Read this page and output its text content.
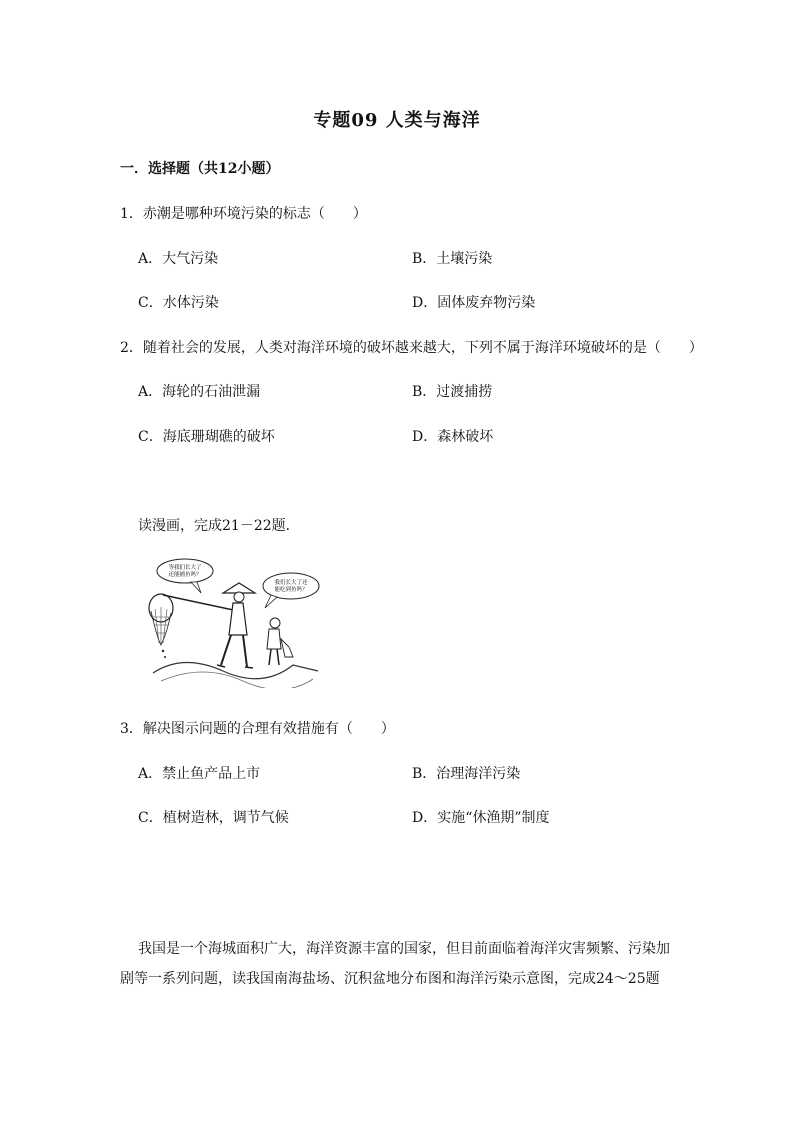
专题09 人类与海洋
一．选择题（共12小题）
1．赤潮是哪种环境污染的标志（　　）
A．大气污染	B．土壤污染
C．水体污染	D．固体废弃物污染
2．随着社会的发展，人类对海洋环境的破坏越来越大，下列不属于海洋环境破坏的是（　　）
A．海轮的石油泄漏	B．过渡捕捞
C．海底珊瑚礁的破坏	D．森林破坏
读漫画，完成21－22题．
等我们长大了
还能捕鱼吗？
我们长大了还
能吃到鱼吗？
3．解决图示问题的合理有效措施有（　　）
A．禁止鱼产品上市	B．治理海洋污染
C．植树造林，调节气候	D．实施“休渔期”制度
我国是一个海城面积广大，海洋资源丰富的国家，但目前面临着海洋灾害频繁、污染加
剧等一系列问题，读我国南海盐场、沉积盆地分布图和海洋污染示意图，完成24～25题
